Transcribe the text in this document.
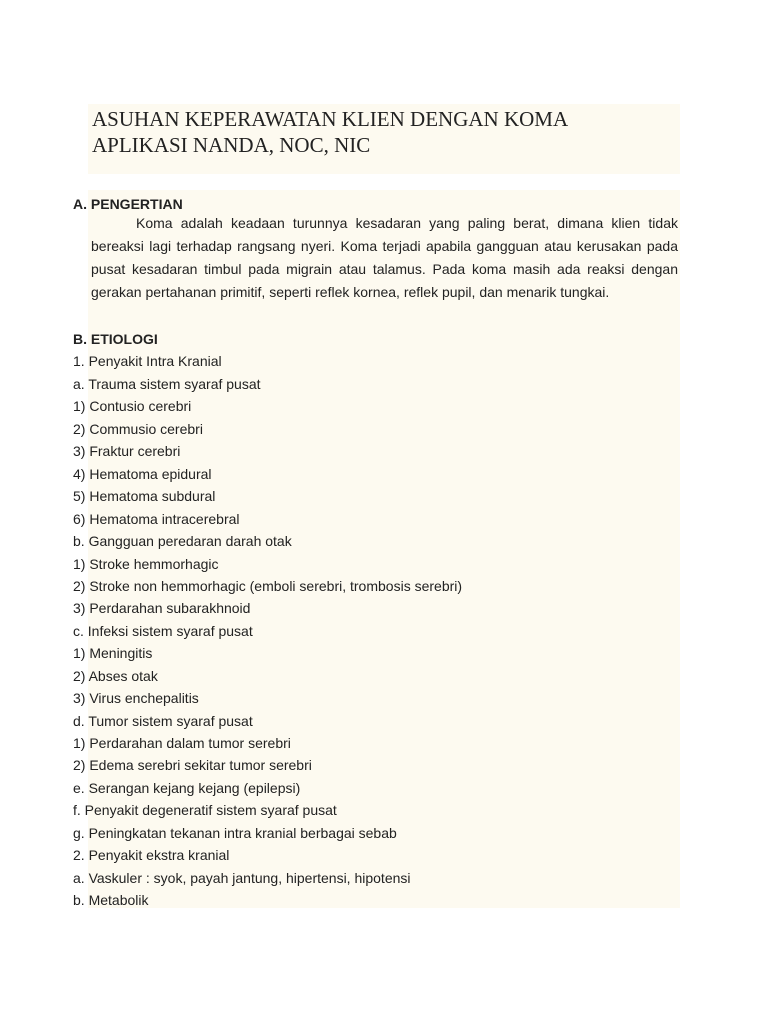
ASUHAN KEPERAWATAN KLIEN DENGAN KOMA
APLIKASI NANDA, NOC, NIC
A. PENGERTIAN
Koma adalah keadaan turunnya kesadaran yang paling berat, dimana klien tidak
bereaksi lagi terhadap rangsang nyeri. Koma terjadi apabila gangguan atau kerusakan pada
pusat kesadaran timbul pada migrain atau talamus. Pada koma masih ada reaksi dengan
gerakan pertahanan primitif, seperti reflek kornea, reflek pupil, dan menarik tungkai.
B. ETIOLOGI
1. Penyakit Intra Kranial
a. Trauma sistem syaraf pusat
1) Contusio cerebri
2) Commusio cerebri
3) Fraktur cerebri
4) Hematoma epidural
5) Hematoma subdural
6) Hematoma intracerebral
b. Gangguan peredaran darah otak
1) Stroke hemmorhagic
2) Stroke non hemmorhagic (emboli serebri, trombosis serebri)
3) Perdarahan subarakhnoid
c. Infeksi sistem syaraf pusat
1) Meningitis
2) Abses otak
3) Virus enchepalitis
d. Tumor sistem syaraf pusat
1) Perdarahan dalam tumor serebri
2) Edema serebri sekitar tumor serebri
e. Serangan kejang kejang (epilepsi)
f. Penyakit degeneratif sistem syaraf pusat
g. Peningkatan tekanan intra kranial berbagai sebab
2. Penyakit ekstra kranial
a. Vaskuler : syok, payah jantung, hipertensi, hipotensi
b. Metabolik
